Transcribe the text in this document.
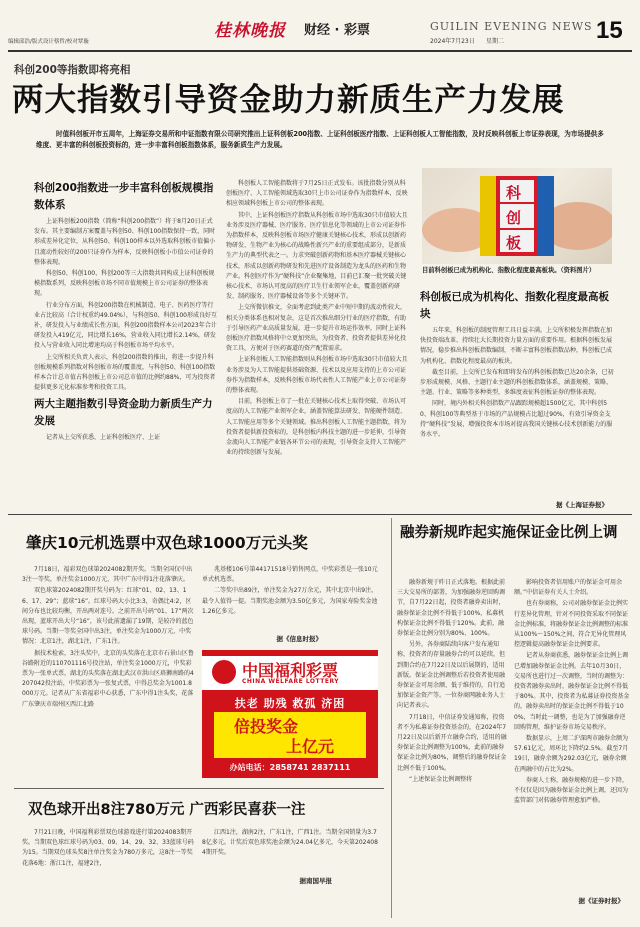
编辑邱浩/版式设计蔡哲/校对覃璇
桂林晚报 财经 · 彩票	GUILIN EVENING NEWS
2024年7月23日 星期二	15
科创200等指数即将亮相
两大指数引导资金助力新质生产力发展
时值科创板开市五周年，上海证券交易所和中证指数有限公司研究推出上证科创板200指数、上证科创板医疗指数、上证科创板人工智能指数，及时反映科创板上市证券表现，为市场提供多维度、更丰富的科创板投资标的，进一步丰富科创板指数体系，服务新质生产力发展。
科创200指数进一步丰富科创板规模指数体系

上证科创板200指数（简称“科创200指数”）将于8月20日正式发布。其主要编制方案覆盖与科创50、科创100指数保持一致，同时形成差异化定位，从科创50、科创100样本以外选取科创板市值偏小且流动性较好的200只证券作为样本，反映科创板小市值公司证券的整体表现。

科创50、科创100、科创200等三大指数共同构成上证科创板规模指数系列，反映科创板市场不同市值规模上市公司证券的整体表现。

行业分布方面，科创200指数在机械制造、电子、医药医疗等行业占比较高（合计权重约49.04%），与科创50、科创100形成良好互补，研发投入与业绩成长性方面，科创200指数样本公司2023年合计研发投入419亿元，同比增长16%，营业收入同比增长2.14%，研发投入与营业收入同比增速均高于科创板市场平均水平。

上交所相关负责人表示，科创200指数的推出，将进一步提升科创板规模系列指数对科创板市场的覆盖度，与科创50、科创100指数样本合计总市值占科创板上市公司总市值的比例约88%，可为投资者提供更多元化标准参考和投资工具。

两大主题指数引导资金助力新质生产力发展

记者从上交所获悉，上证科创板医疗、上证

科创板人工智能指数将于7月25日正式发布。该批指数分别从科创板医疗、人工智能领域选取30只上市公司证券作为指数样本，反映相应领域科创板上市公司的整体表现。

其中，上证科创板医疗指数从科创板市场中选取30只市值较大且业务涉及医疗器械、医疗服务、医疗信息化等领域的上市公司证券作为指数样本，反映科创板市场医疗健康关键核心技术，形成以创新药物研发、生物产业为核心的战略性新兴产业的重要组成部分，是新质生产力的典型代表之一。力求突破创新药物和基本医疗器械关键核心技术，形成以创新药物研发和先进医疗设备制造为龙头的医药和生物产业。科创医疗作为“硬科技”企业聚集地，目前已汇聚一批突破关键核心技术、市场认可度高的医疗卫生行业领军企业，覆盖创新药研发、制药服务、医疗器械设备等多个关键环节。

上交所微信推文，全面考虑到此类产业中短中期的波动性较大，相关分类体系也相对复杂，这是首次推出细分行业的医疗指数，有助于引导医药产业高质量发展，进一步提升市场运作效率，同时上证科创板医疗指数风格将中立更加突出，为投资者、投资者提供差异化投资工具，方便对于医药赛道的资产配置需求。

上证科创板人工智能指数则从科创板市场中选取30只市值较大且业务涉及为人工智能提供基础资源、技术以及应用支持的上市公司证券作为指数样本，反映科创板市场代表性人工智能产业上市公司证券的整体表现。

目前，科创板上市了一批在关键核心技术上取得突破、市场认可度高的人工智能产业领军企业，涵盖智能算法研发、智能硬件制造、人工智能应用等多个关键领域。推出科创板人工智能主题指数，将为投资者提供新投资标的，是科创板内科技主题的进一步延伸，引导资金流向人工智能产业链各环节公司的表现，引导资金支持人工智能产业的持续创新与发展。

科
创
板
目前科创板已成为机构化、指数化程度最高板块。（资料图片）
科创板已成为机构化、指数化程度最高板块

五年来，科创板的制度管理工具日益丰满。上交所积极发挥指数在加快投资端改革、持续壮大长期投资力量方面的重要作用。根据科创板发展情况，稳步推出科创板指数编制，不断丰富科创板指数品种，科创板已成为机构化、指数化程度最高的板块。

截至目前，上交所已发布和即将发布的科创板指数已达20余条，已初步形成规模、风格、主题行业主题的科创板指数体系，涵盖规模、策略、主题、行业、策略等多种类型，多维度表征科创板证券的整体表现。

同时，境内外相关科创指数产品跟踪规模超1500亿元，其中科创50、科创100等典型基于市场的产品规模占比超过90%，有效引导资金支持“硬科技”发展，增强投资本市场对提高我国关键核心技术创新能力的服务水平。

据《上海证券报》
肇庆10元机选票中双色球1000万元头奖

7月18日，福彩双色球第2024082期开奖。当期全国仅中出3注一等奖，单注奖金1000万元，其中广东中得1注花落肇庆。

双色球第2024082期开奖号码为：红球“01、02、13、16、17、29”；蓝球“16”。红球号码大小比3:3，奇偶比4:2，区间分布也比较均衡，开出两对连号。之前开出号码“01、17”两次出现，蓝球开出大号“16”，该号此前遗漏了19期，是较冷的蓝色球号码。当期一等奖全国中出3注，单注奖金为1000万元，中奖情况：北京1注，湖北1注，广东1注。

据技术检索，3注头奖中，北京的头奖落在北京市石景山区鲁谷路附近的110701116号投注站，单注奖金1000万元，中奖彩票为一张单式票，湖北的头奖落在湖北武汉市洪山区珞狮南路的4207042投注站，中奖彩票为一张复式票，中得总奖金为1001.8000万元。记者从广东省福彩中心获悉，广东中得1注头奖，花落广东肇庆市端州区西江北路

兆基楼106号第44171518号销售网点，中奖彩票是一张10元单式机选票。

二等奖中出89注，单注奖金为27万余元，其中北京中出9注，最令人值得一提。当期奖池金额为3.50亿多元，为国家寿险奖金池1.26亿多元。

据《信息时报》
中国福利彩票
CHINA WELFARE LOTTERY
扶老 助残 救孤 济困
倍投奖金
上亿元
办站电话：2858741 2837111
双色球开出8注780万元 广西彩民喜获一注

7月21日晚，中国福利彩票双色球游戏进行第2024083期开奖。当期双色球红球号码为03、09、14、29、32、33蓝球号码为15。当期双色球头奖8注单注奖金为780万多元，这8注一等奖花落6地：浙江1注，福建2注，

江西1注，湖南2注，广东1注，广西1注。当期全国销量为3.78亿多元。计奖后双色球奖池金额为24.04亿多元，今天第2024084期开奖。

据南国早报
融券新规昨起实施保证金比例上调

融券新规于昨日正式落地。根据此前三大交易所的部署，为加强融券逆回购调节，自7月22日起，投资者融券卖出时，融券保证金比例不得低于100%，私募机构保证金比例不得低于120%。此前，融券保证金比例分别为80%、100%。

另外，各券商陆续向客户发布通知称，投资者的存量融券合约可以延续，但到期合约在7月22日及以后展期的，适用新版。保证金比例调整后若投资者使用融券保证金可用余额、低于维持的，自行追加保证金资产等。一位券商网融业务人士向记者表示。

7月18日，中信证券发通知称，投资者不为私募证券投资基金的，在2024年7月22日及以后新开立融券合约，适用的融券保证金比例调整为100%，此前的融券保证金比例为80%，调整后的融券保证金比例不低于100%。

“上述保证金比例调整将

影响投资者信用账户的保证金可用余额。”中信证券有关人士介绍。

也有券商称，公司对融券保证金比例实行差异化管理，针对不同投资采取不同保证金比例标准，将融券保证金比例调整的标准从100%～150%之间，符合无异化管理风控逻辑提高融券保证金比例要求。

记者从券商获悉，融券保证金比例上调已增加融券保证金比例。去年10月30日，交易所也进行过一次调整，当时的调整为：投资者融券卖出时，融券保证金比例不得低于80%。其中，投资者为私募证券投资基金的，融券卖出时的保证金比例不得低于100%，当时此一调整，也是为了加强融券逆回购管理，维护证券市场交易秩序。

数据显示，上周二沪深两市融券余额为57.61亿元，周环比下降约2.5%。截至7月19日，融券余额为292.03亿元，融券余额在两融中的占比为2%。

券商人士称，融券规模的进一步下降，不仅仅是因为融券保证金比例上调，还因为监管部门对转融券管理愈加严格。

据《证券时报》
